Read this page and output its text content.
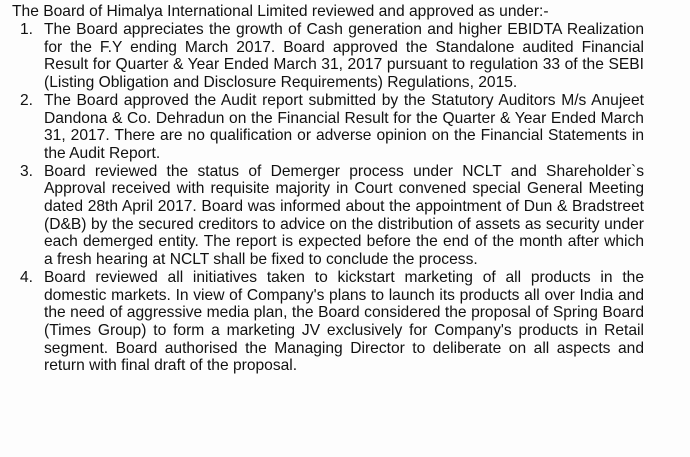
The Board of Himalya International Limited reviewed and approved as under:-
1. The Board appreciates the growth of Cash generation and higher EBIDTA Realization for the F.Y ending March 2017. Board approved the Standalone audited Financial Result for Quarter & Year Ended March 31, 2017 pursuant to regulation 33 of the SEBI (Listing Obligation and Disclosure Requirements) Regulations, 2015.
2. The Board approved the Audit report submitted by the Statutory Auditors M/s Anujeet Dandona & Co. Dehradun on the Financial Result for the Quarter & Year Ended March 31, 2017. There are no qualification or adverse opinion on the Financial Statements in the Audit Report.
3. Board reviewed the status of Demerger process under NCLT and Shareholder`s Approval received with requisite majority in Court convened special General Meeting dated 28th April 2017. Board was informed about the appointment of Dun & Bradstreet (D&B) by the secured creditors to advice on the distribution of assets as security under each demerged entity. The report is expected before the end of the month after which a fresh hearing at NCLT shall be fixed to conclude the process.
4. Board reviewed all initiatives taken to kickstart marketing of all products in the domestic markets. In view of Company's plans to launch its products all over India and the need of aggressive media plan, the Board considered the proposal of Spring Board (Times Group) to form a marketing JV exclusively for Company's products in Retail segment. Board authorised the Managing Director to deliberate on all aspects and return with final draft of the proposal.
